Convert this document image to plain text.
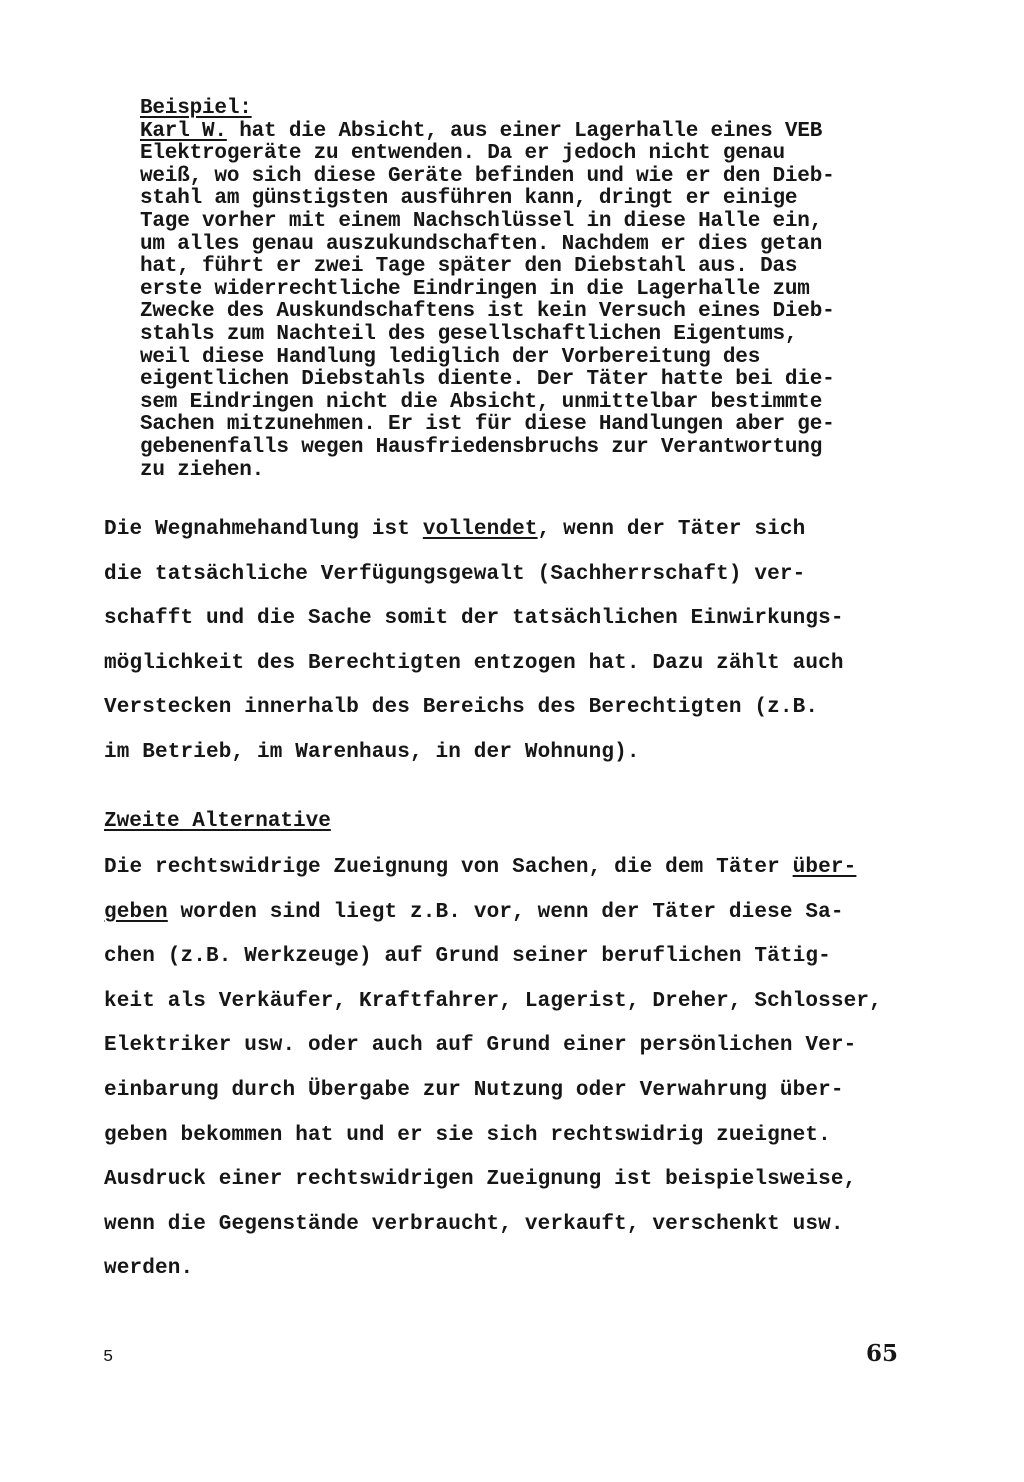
Beispiel:
Karl W. hat die Absicht, aus einer Lagerhalle eines VEB
Elektrogeräte zu entwenden. Da er jedoch nicht genau
weiß, wo sich diese Geräte befinden und wie er den Dieb-
stahl am günstigsten ausführen kann, dringt er einige
Tage vorher mit einem Nachschlüssel in diese Halle ein,
um alles genau auszukundschaften. Nachdem er dies getan
hat, führt er zwei Tage später den Diebstahl aus. Das
erste widerrechtliche Eindringen in die Lagerhalle zum
Zwecke des Auskundschaftens ist kein Versuch eines Dieb-
stahls zum Nachteil des gesellschaftlichen Eigentums,
weil diese Handlung lediglich der Vorbereitung des
eigentlichen Diebstahls diente. Der Täter hatte bei die-
sem Eindringen nicht die Absicht, unmittelbar bestimmte
Sachen mitzunehmen. Er ist für diese Handlungen aber ge-
gebenenfalls wegen Hausfriedensbruchs zur Verantwortung
zu ziehen.
Die Wegnahmehandlung ist vollendet, wenn der Täter sich
die tatsächliche Verfügungsgewalt (Sachherrschaft) ver-
schafft und die Sache somit der tatsächlichen Einwirkungs-
möglichkeit des Berechtigten entzogen hat. Dazu zählt auch
Verstecken innerhalb des Bereichs des Berechtigten (z.B.
im Betrieb, im Warenhaus, in der Wohnung).
Zweite Alternative
Die rechtswidrige Zueignung von Sachen, die dem Täter über-
geben worden sind liegt z.B. vor, wenn der Täter diese Sa-
chen (z.B. Werkzeuge) auf Grund seiner beruflichen Tätig-
keit als Verkäufer, Kraftfahrer, Lagerist, Dreher, Schlosser,
Elektriker usw. oder auch auf Grund einer persönlichen Ver-
einbarung durch Übergabe zur Nutzung oder Verwahrung über-
geben bekommen hat und er sie sich rechtswidrig zueignet.
Ausdruck einer rechtswidrigen Zueignung ist beispielsweise,
wenn die Gegenstände verbraucht, verkauft, verschenkt usw.
werden.
5	65
